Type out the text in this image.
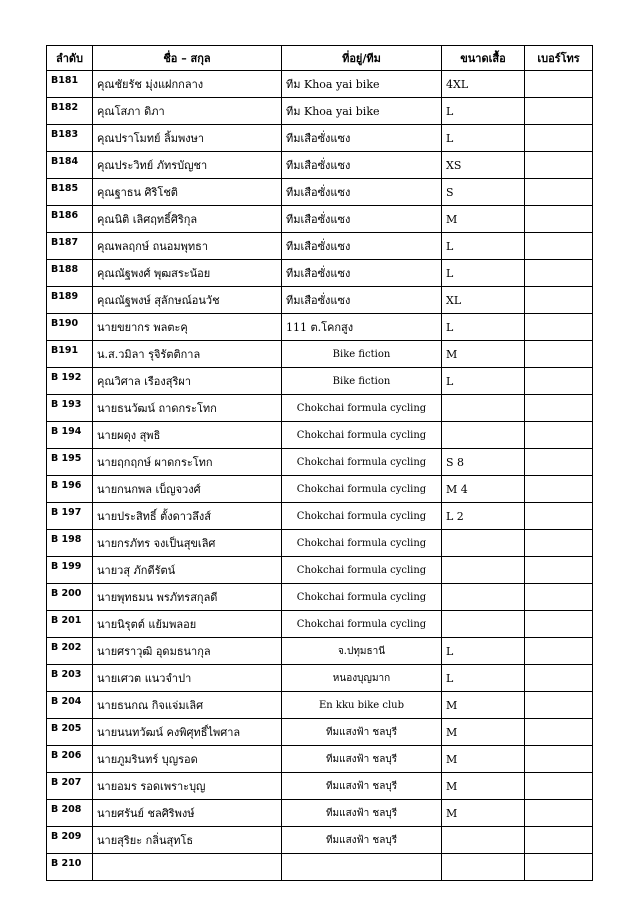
ลำดับ	ชื่อ – สกุล	ที่อยู่/ทีม	ขนาดเสื้อ	เบอร์โทร
B181	คุณชัยรัช มุ่งแฝกกลาง	ทีม Khoa yai bike	4XL	
B182	คุณโสภา ดิภา	ทีม Khoa yai bike	L	
B183	คุณปราโมทย์ ลิ้มพงษา	ทีมเสือซั่งแซง	L	
B184	คุณประวิทย์ ภัทรบัญชา	ทีมเสือซั่งแซง	XS	
B185	คุณฐาธน ศิริโชติ	ทีมเสือซั่งแซง	S	
B186	คุณนิติ เลิศฤทธิ์ศิริกุล	ทีมเสือซั่งแซง	M	
B187	คุณพลฤกษ์ ถนอมพุทธา	ทีมเสือซั่งแซง	L	
B188	คุณณัฐพงศ์ พุฒสระน้อย	ทีมเสือซั่งแซง	L	
B189	คุณณัฐพงษ์ สุลักษณ์อนวัช	ทีมเสือซั่งแซง	XL	
B190	นายขยากร พลตะคุ	111 ต.โคกสูง	L	
B191	น.ส.วมิลา รุจิรัตติกาล	Bike fiction	M	
B 192	คุณวิศาล เรืองสุริผา	Bike fiction	L	
B 193	นายธนวัฒน์ ถาดกระโทก	Chokchai formula cycling		
B 194	นายผดุง สุพธิ	Chokchai formula cycling		
B 195	นายฤกฤกษ์ ผาดกระโทก	Chokchai formula cycling	S 8	
B 196	นายกนกพล เบ็ญจวงศ์	Chokchai formula cycling	M 4	
B 197	นายประสิทธิ์ ตั้งดาวลึงส์	Chokchai formula cycling	L 2	
B 198	นายกรภัทร จงเป็นสุขเลิศ	Chokchai formula cycling		
B 199	นายวสุ ภักดีรัตน์	Chokchai formula cycling		
B 200	นายพุทธมน พรภัทรสกุลดี	Chokchai formula cycling		
B 201	นายนิรุตต์ แย้มพลอย	Chokchai formula cycling		
B 202	นายศราวุฒิ อุดมธนากุล	จ.ปทุมธานี	L	
B 203	นายเศวต แนวจำปา	หนองบุญมาก	L	
B 204	นายธนกณ กิจแจ่มเลิศ	En kku bike club	M	
B 205	นายนนทวัฒน์ คงพิศุทธิ์ไพศาล	ทีมแสงฟ้า ชลบุรี	M	
B 206	นายภูมรินทร์ บุญรอด	ทีมแสงฟ้า ชลบุรี	M	
B 207	นายอมร รอดเพราะบุญ	ทีมแสงฟ้า ชลบุรี	M	
B 208	นายศรันย์ ชลศิริพงษ์	ทีมแสงฟ้า ชลบุรี	M	
B 209	นายสุริยะ กลิ่นสุทโธ	ทีมแสงฟ้า ชลบุรี		
B 210				
